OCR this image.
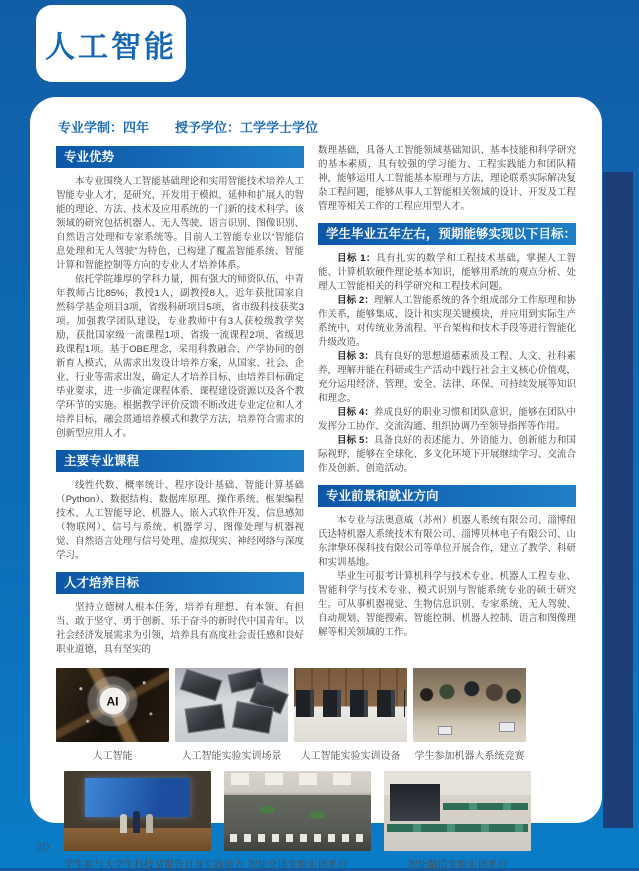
人工智能
专业学制：四年 授予学位：工学学士学位
专业优势

本专业围绕人工智能基础理论和实用智能技术培养人工智能专业人才，是研究、开发用于模拟、延伸和扩展人的智能的理论、方法、技术及应用系统的一门新的技术科学。该领域的研究包括机器人、无人驾驶、语言识别、图像识别、自然语言处理和专家系统等。目前人工智能专业以“智能信息处理和无人驾驶”为特色，已构建了覆盖智能系统、智能计算和智能控制等方向的专业人才培养体系。

依托学院雄厚的学科力量，拥有强大的师资队伍，中青年教师占比85%，教授1人，副教授8人，近年获批国家自然科学基金项目3项，省级科研项目5项，省市级科技获奖3项。加强教学团队建设，专业教师中有3人获校级教学奖励，获批国家级一流课程1项、省级一流课程2项、省级思政课程1项。基于OBE理念，采用科教融合、产学协同的创新育人模式，从需求出发设计培养方案，从国家、社会、企业、行业等需求出发，确定人才培养目标，由培养目标确定毕业要求，进一步确定课程体系、课程建设资源以及各个教学环节的实施。根据教学评价反馈不断改进专业定位和人才培养目标，融会贯通培养模式和教学方法，培养符合需求的创新型应用人才。

主要专业课程

线性代数、概率统计、程序设计基础、智能计算基础（Python）、数据结构、数据库原理、操作系统、框架编程技术、人工智能导论、机器人、嵌入式软件开发、信息感知（物联网）、信号与系统、机器学习、图像处理与机器视觉、自然语言处理与信号处理、虚拟现实、神经网络与深度学习。

人才培养目标

坚持立德树人根本任务，培养有理想、有本领、有担当、敢于坚守、勇于创新、乐于奋斗的新时代中国青年。以社会经济发展需求为引领，培养具有高度社会责任感和良好职业道德，具有坚实的

数理基础，具备人工智能领域基础知识、基本技能和科学研究的基本素质，具有较强的学习能力、工程实践能力和团队精神，能够运用人工智能基本原理与方法，理论联系实际解决复杂工程问题，能够从事人工智能相关领域的设计、开发及工程管理等相关工作的工程应用型人才。

学生毕业五年左右，预期能够实现以下目标：

目标 1：具有扎实的数学和工程技术基础，掌握人工智能、计算机软硬件理论基本知识，能够用系统的观点分析、处理人工智能相关的科学研究和工程技术问题。

目标 2：理解人工智能系统的各个组成部分工作原理和协作关系，能够集成、设计和实现关键模块，并应用到实际生产系统中，对传统业务流程、平台架构和技术手段等进行智能化升级改造。

目标 3：具有良好的思想道德素质及工程、人文、社科素养，理解并能在科研或生产活动中践行社会主义核心价值观，充分运用经济、管理、安全、法律、环保、可持续发展等知识和理念。

目标 4：养成良好的职业习惯和团队意识，能够在团队中发挥分工协作、交流沟通、组织协调乃至领导指挥等作用。

目标 5：具备良好的表述能力、外语能力、创新能力和国际视野，能够在全球化、多文化环境下开展继续学习、交流合作及创新、创造活动。

专业前景和就业方向

本专业与法奥意威（苏州）机器人系统有限公司、淄博纽氏达特机器人系统技术有限公司、淄博贝林电子有限公司、山东津挚环保科技有限公司等单位开展合作，建立了教学、科研和实训基地。

毕业生可报考计算机科学与技术专业、机器人工程专业、智能科学与技术专业、模式识别与智能系统专业的硕士研究生。可从事机器视觉、生物信息识别、专家系统、无人驾驶、自动规划、智能搜索、智能控制、机器人控制、语言和图像理解等相关领域的工作。

AI
人工智能	人工智能实验实训场景	人工智能实验实训设备	学生参加机器人系统竞赛
学生参与大学生科技节提升自身实践能力 智能交通实验实训平台	智能制造实验实训平台
30
